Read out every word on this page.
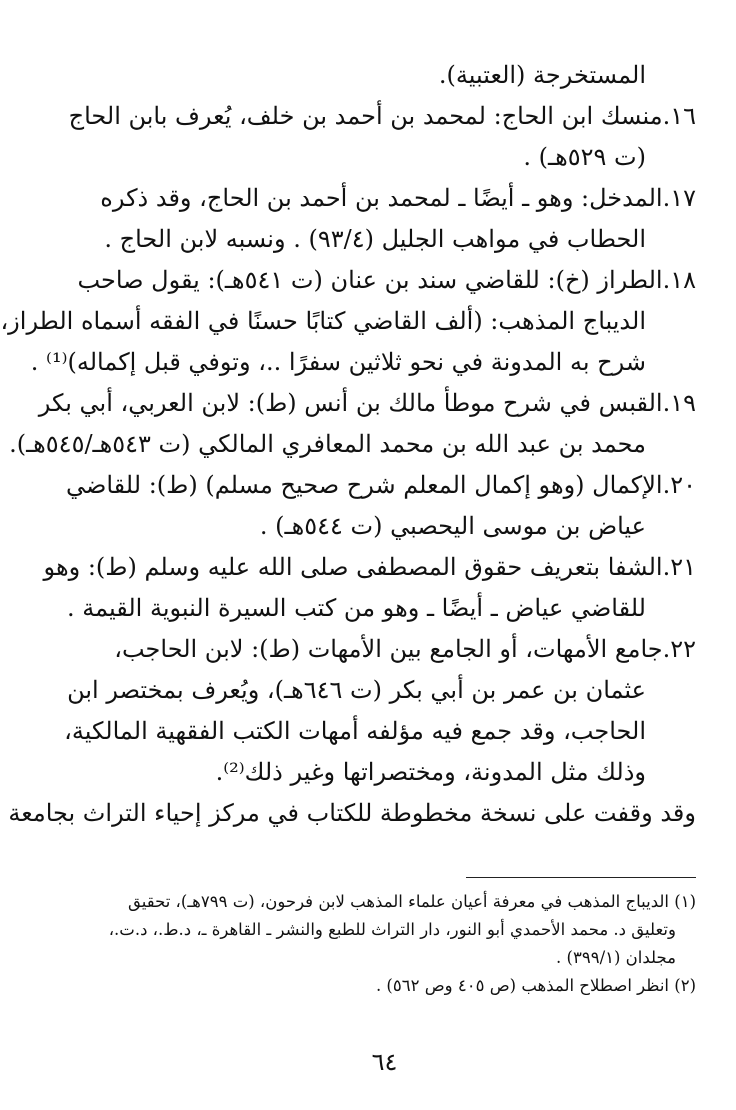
المستخرجة (العتبية).
١٦.منسك ابن الحاج: لمحمد بن أحمد بن خلف، يُعرف بابن الحاج
(ت ٥٢٩هـ) .
١٧.المدخل: وهو ـ أيضًا ـ لمحمد بن أحمد بن الحاج، وقد ذكره
الحطاب في مواهب الجليل (٩٣/٤) . ونسبه لابن الحاج .
١٨.الطراز (خ): للقاضي سند بن عنان (ت ٥٤١هـ): يقول صاحب
الديباج المذهب: (ألف القاضي كتابًا حسنًا في الفقه أسماه الطراز،
شرح به المدونة في نحو ثلاثين سفرًا ..، وتوفي قبل إكماله)⁽¹⁾ .
١٩.القبس في شرح موطأ مالك بن أنس (ط): لابن العربي، أبي بكر
محمد بن عبد الله بن محمد المعافري المالكي (ت ٥٤٣هـ/٥٤٥هـ).
٢٠.الإكمال (وهو إكمال المعلم شرح صحيح مسلم) (ط): للقاضي
عياض بن موسى اليحصبي (ت ٥٤٤هـ) .
٢١.الشفا بتعريف حقوق المصطفى صلى الله عليه وسلم (ط): وهو
للقاضي عياض ـ أيضًا ـ وهو من كتب السيرة النبوية القيمة .
٢٢.جامع الأمهات، أو الجامع بين الأمهات (ط): لابن الحاجب،
عثمان بن عمر بن أبي بكر (ت ٦٤٦هـ)، ويُعرف بمختصر ابن
الحاجب، وقد جمع فيه مؤلفه أمهات الكتب الفقهية المالكية،
وذلك مثل المدونة، ومختصراتها وغير ذلك⁽²⁾.
وقد وقفت على نسخة مخطوطة للكتاب في مركز إحياء التراث بجامعة
(١) الديباج المذهب في معرفة أعيان علماء المذهب لابن فرحون، (ت ٧٩٩هـ)، تحقيق
وتعليق د. محمد الأحمدي أبو النور، دار التراث للطبع والنشر ـ القاهرة ـ، د.ط.، د.ت.،
مجلدان (٣٩٩/١) .
(٢) انظر اصطلاح المذهب (ص ٤٠٥ وص ٥٦٢) .
٦٤
